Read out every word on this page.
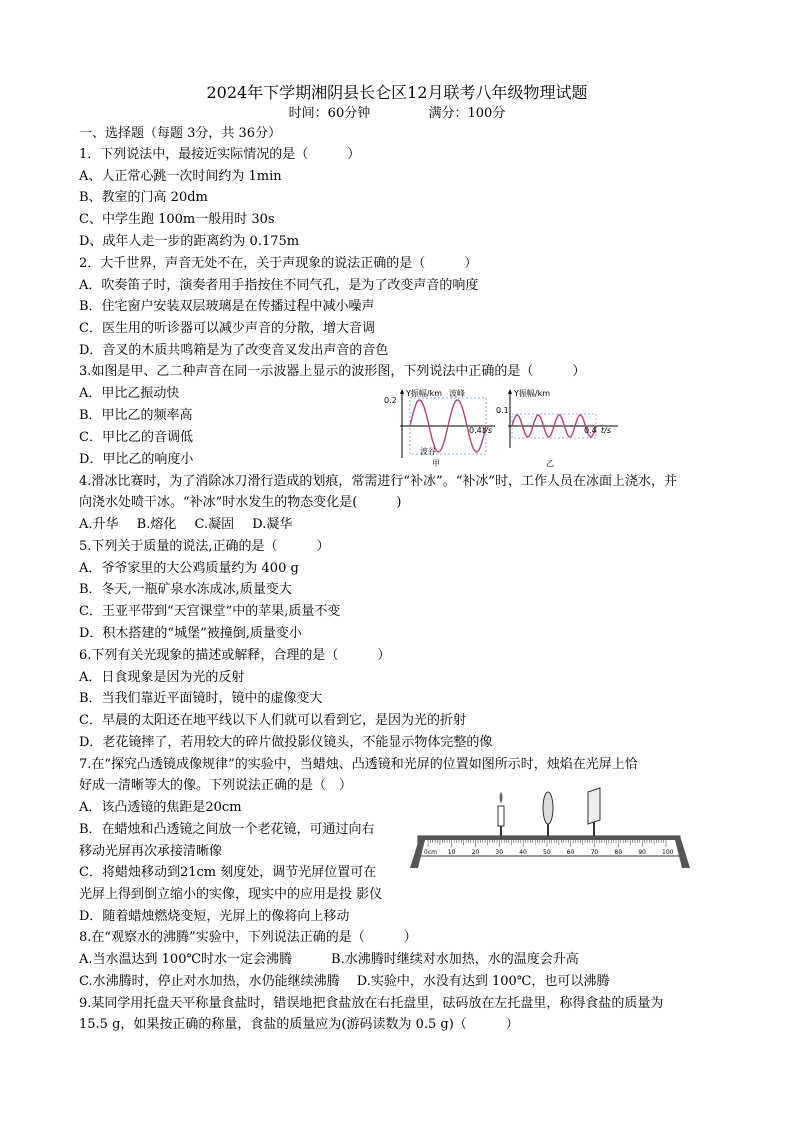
2024年下学期湘阴县长仑区12月联考八年级物理试题
时间：60分钟	满分：100分
一、选择题（每题 3分，共 36分）
1．下列说法中，最接近实际情况的是（　　　）
A、人正常心跳一次时间约为 1min
B、教室的门高 20dm
C、中学生跑 100m一般用时 30s
D、成年人走一步的距离约为 0.175m
2．大千世界，声音无处不在，关于声现象的说法正确的是（　　　）
A．吹奏笛子时，演奏者用手指按住不同气孔，是为了改变声音的响度
B．住宅窗户安装双层玻璃是在传播过程中减小噪声
C．医生用的听诊器可以减少声音的分散，增大音调
D．音叉的木质共鸣箱是为了改变音叉发出声音的音色
3.如图是甲、乙二种声音在同一示波器上显示的波形图，下列说法中正确的是（　　　）
A．甲比乙振动快
B．甲比乙的频率高
C．甲比乙的音调低
D．甲比乙的响度小
4.滑冰比赛时，为了消除冰刀滑行造成的划痕，常需进行“补冰”。“补冰”时，工作人员在冰面上浇水，并
向浇水处喷干冰。“补冰”时水发生的物态变化是(　　　)
5.下列关于质量的说法,正确的是（　　　）
A．爷爷家里的大公鸡质量约为 400 g
B．冬天,一瓶矿泉水冻成冰,质量变大
C．王亚平带到“天宫课堂”中的苹果,质量不变
D．积木搭建的“城堡”被撞倒,质量变小
6.下列有关光现象的描述或解释，合理的是（　　　）
A．日食现象是因为光的反射
B．当我们靠近平面镜时，镜中的虚像变大
C．早晨的太阳还在地平线以下人们就可以看到它，是因为光的折射
D．老花镜摔了，若用较大的碎片做投影仪镜头，不能显示物体完整的像
7.在“探究凸透镜成像规律”的实验中，当蜡烛、凸透镜和光屏的位置如图所示时，烛焰在光屏上恰
好成一清晰等大的像。下列说法正确的是（　）
A．该凸透镜的焦距是20cm
B．在蜡烛和凸透镜之间放一个老花镜，可通过向右
移动光屏再次承接清晰像
C．将蜡烛移动到21cm 刻度处，调节光屏位置可在
光屏上得到倒立缩小的实像，现实中的应用是投 影仪
D．随着蜡烛燃烧变短，光屏上的像将向上移动
8.在“观察水的沸腾”实验中，下列说法正确的是（　　　）
A.当水温达到 100℃时水一定会沸腾　　　B.水沸腾时继续对水加热，水的温度会升高
C.水沸腾时，停止对水加热，水仍能继续沸腾　 D.实验中，水没有达到 100℃，也可以沸腾
9.某同学用托盘天平称量食盐时，错误地把食盐放在右托盘里，砝码放在左托盘里，称得食盐的质量为
15.5 g，如果按正确的称量，食盐的质量应为(游码读数为 0.5 g)（　　　）
A.升华 B.熔化 C.凝固 D.凝华
Y振幅/km
0.2
0.4 t/s
波峰
波谷
甲
Y振幅/km
0.1
0.4 t/s
乙
0cm 10	20	30	40	50	60	70	80	90	100
